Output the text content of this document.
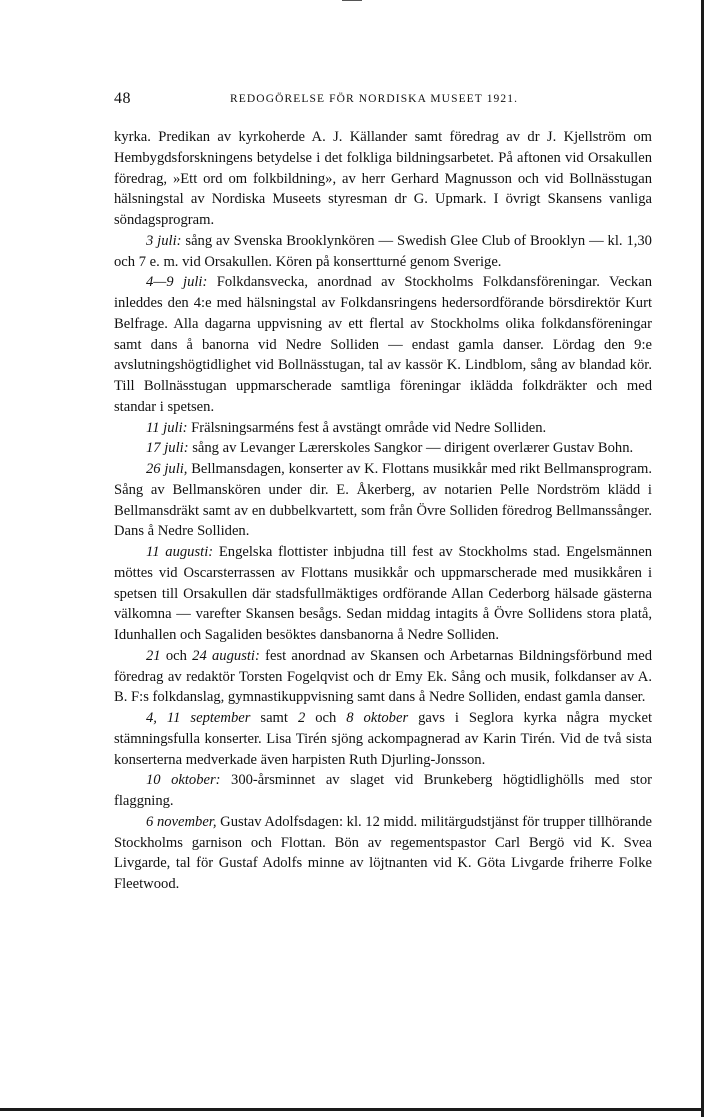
48	REDOGÖRELSE FÖR NORDISKA MUSEET 1921.

kyrka. Predikan av kyrkoherde A. J. Källander samt föredrag av dr J. Kjellström om Hembygdsforskningens betydelse i det folkliga bildningsarbetet. På aftonen vid Orsakullen föredrag, »Ett ord om folkbildning», av herr Gerhard Magnusson och vid Bollnässtugan hälsningstal av Nordiska Museets styresman dr G. Upmark. I övrigt Skansens vanliga söndagsprogram.

3 juli: sång av Svenska Brooklynkören — Swedish Glee Club of Brooklyn — kl. 1,30 och 7 e. m. vid Orsakullen. Kören på konsertturné genom Sverige.

4—9 juli: Folkdansvecka, anordnad av Stockholms Folkdansföreningar. Veckan inleddes den 4:e med hälsningstal av Folkdansringens hedersordförande börsdirektör Kurt Belfrage. Alla dagarna uppvisning av ett flertal av Stockholms olika folkdansföreningar samt dans å banorna vid Nedre Solliden — endast gamla danser. Lördag den 9:e avslutningshögtidlighet vid Bollnässtugan, tal av kassör K. Lindblom, sång av blandad kör. Till Bollnässtugan uppmarscherade samtliga föreningar iklädda folkdräkter och med standar i spetsen.

11 juli: Frälsningsarméns fest å avstängt område vid Nedre Solliden.

17 juli: sång av Levanger Lærerskoles Sangkor — dirigent overlærer Gustav Bohn.

26 juli, Bellmansdagen, konserter av K. Flottans musikkår med rikt Bellmansprogram. Sång av Bellmanskören under dir. E. Åkerberg, av notarien Pelle Nordström klädd i Bellmansdräkt samt av en dubbelkvartett, som från Övre Solliden föredrog Bellmanssånger. Dans å Nedre Solliden.

11 augusti: Engelska flottister inbjudna till fest av Stockholms stad. Engelsmännen möttes vid Oscarsterrassen av Flottans musikkår och uppmarscherade med musikkåren i spetsen till Orsakullen där stadsfullmäktiges ordförande Allan Cederborg hälsade gästerna välkomna — varefter Skansen besågs. Sedan middag intagits å Övre Sollidens stora platå, Idunhallen och Sagaliden besöktes dansbanorna å Nedre Solliden.

21 och 24 augusti: fest anordnad av Skansen och Arbetarnas Bildningsförbund med föredrag av redaktör Torsten Fogelqvist och dr Emy Ek. Sång och musik, folkdanser av A. B. F:s folkdanslag, gymnastikuppvisning samt dans å Nedre Solliden, endast gamla danser.

4, 11 september samt 2 och 8 oktober gavs i Seglora kyrka några mycket stämningsfulla konserter. Lisa Tirén sjöng ackompagnerad av Karin Tirén. Vid de två sista konserterna medverkade även harpisten Ruth Djurling-Jonsson.

10 oktober: 300-årsminnet av slaget vid Brunkeberg högtidlighölls med stor flaggning.

6 november, Gustav Adolfsdagen: kl. 12 midd. militärgudstjänst för trupper tillhörande Stockholms garnison och Flottan. Bön av regementspastor Carl Bergö vid K. Svea Livgarde, tal för Gustaf Adolfs minne av löjtnanten vid K. Göta Livgarde friherre Folke Fleetwood.
